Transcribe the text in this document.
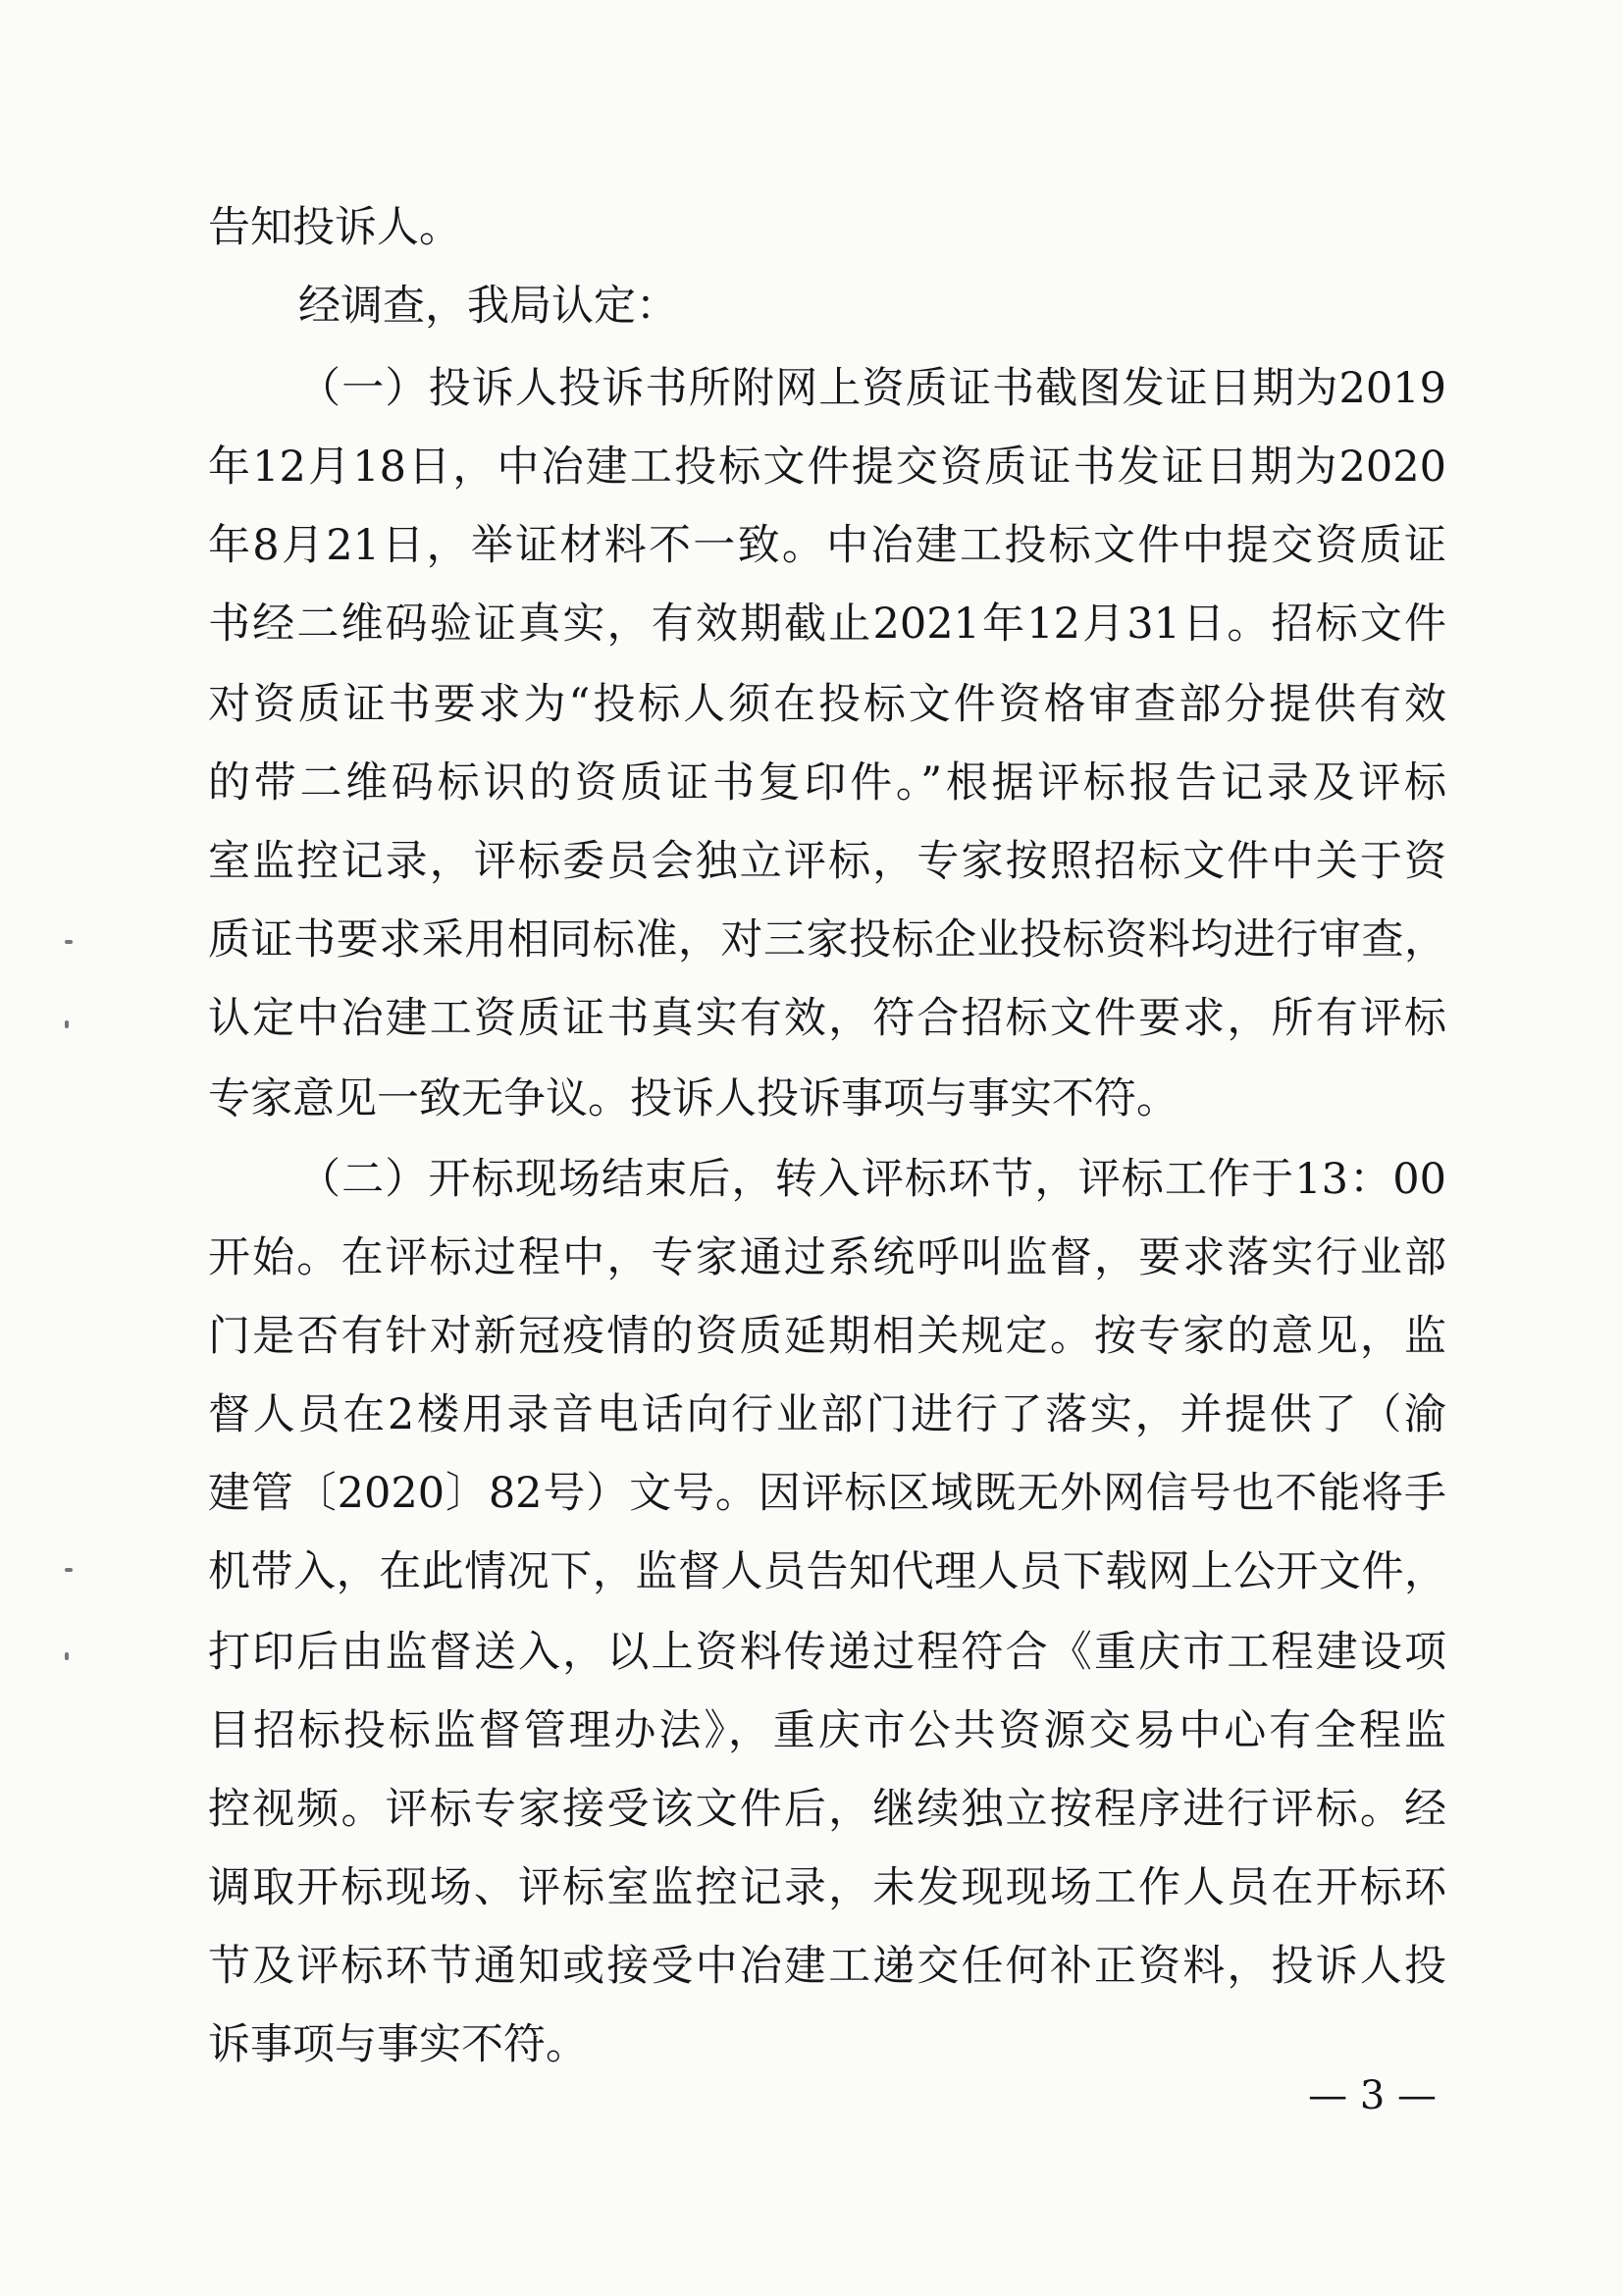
告知投诉人。
经调查，我局认定：
（一）投诉人投诉书所附网上资质证书截图发证日期为2019
年12月18日，中冶建工投标文件提交资质证书发证日期为2020
年8月21日，举证材料不一致。中冶建工投标文件中提交资质证
书经二维码验证真实，有效期截止2021年12月31日。招标文件
对资质证书要求为“投标人须在投标文件资格审查部分提供有效
的带二维码标识的资质证书复印件。”根据评标报告记录及评标
室监控记录，评标委员会独立评标，专家按照招标文件中关于资
质证书要求采用相同标准，对三家投标企业投标资料均进行审查，
认定中冶建工资质证书真实有效，符合招标文件要求，所有评标
专家意见一致无争议。投诉人投诉事项与事实不符。
（二）开标现场结束后，转入评标环节，评标工作于13：00
开始。在评标过程中，专家通过系统呼叫监督，要求落实行业部
门是否有针对新冠疫情的资质延期相关规定。按专家的意见，监
督人员在2楼用录音电话向行业部门进行了落实，并提供了（渝
建管〔2020〕82号）文号。因评标区域既无外网信号也不能将手
机带入，在此情况下，监督人员告知代理人员下载网上公开文件，
打印后由监督送入，以上资料传递过程符合《重庆市工程建设项
目招标投标监督管理办法》，重庆市公共资源交易中心有全程监
控视频。评标专家接受该文件后，继续独立按程序进行评标。经
调取开标现场、评标室监控记录，未发现现场工作人员在开标环
节及评标环节通知或接受中冶建工递交任何补正资料，投诉人投
诉事项与事实不符。
— 3 —
